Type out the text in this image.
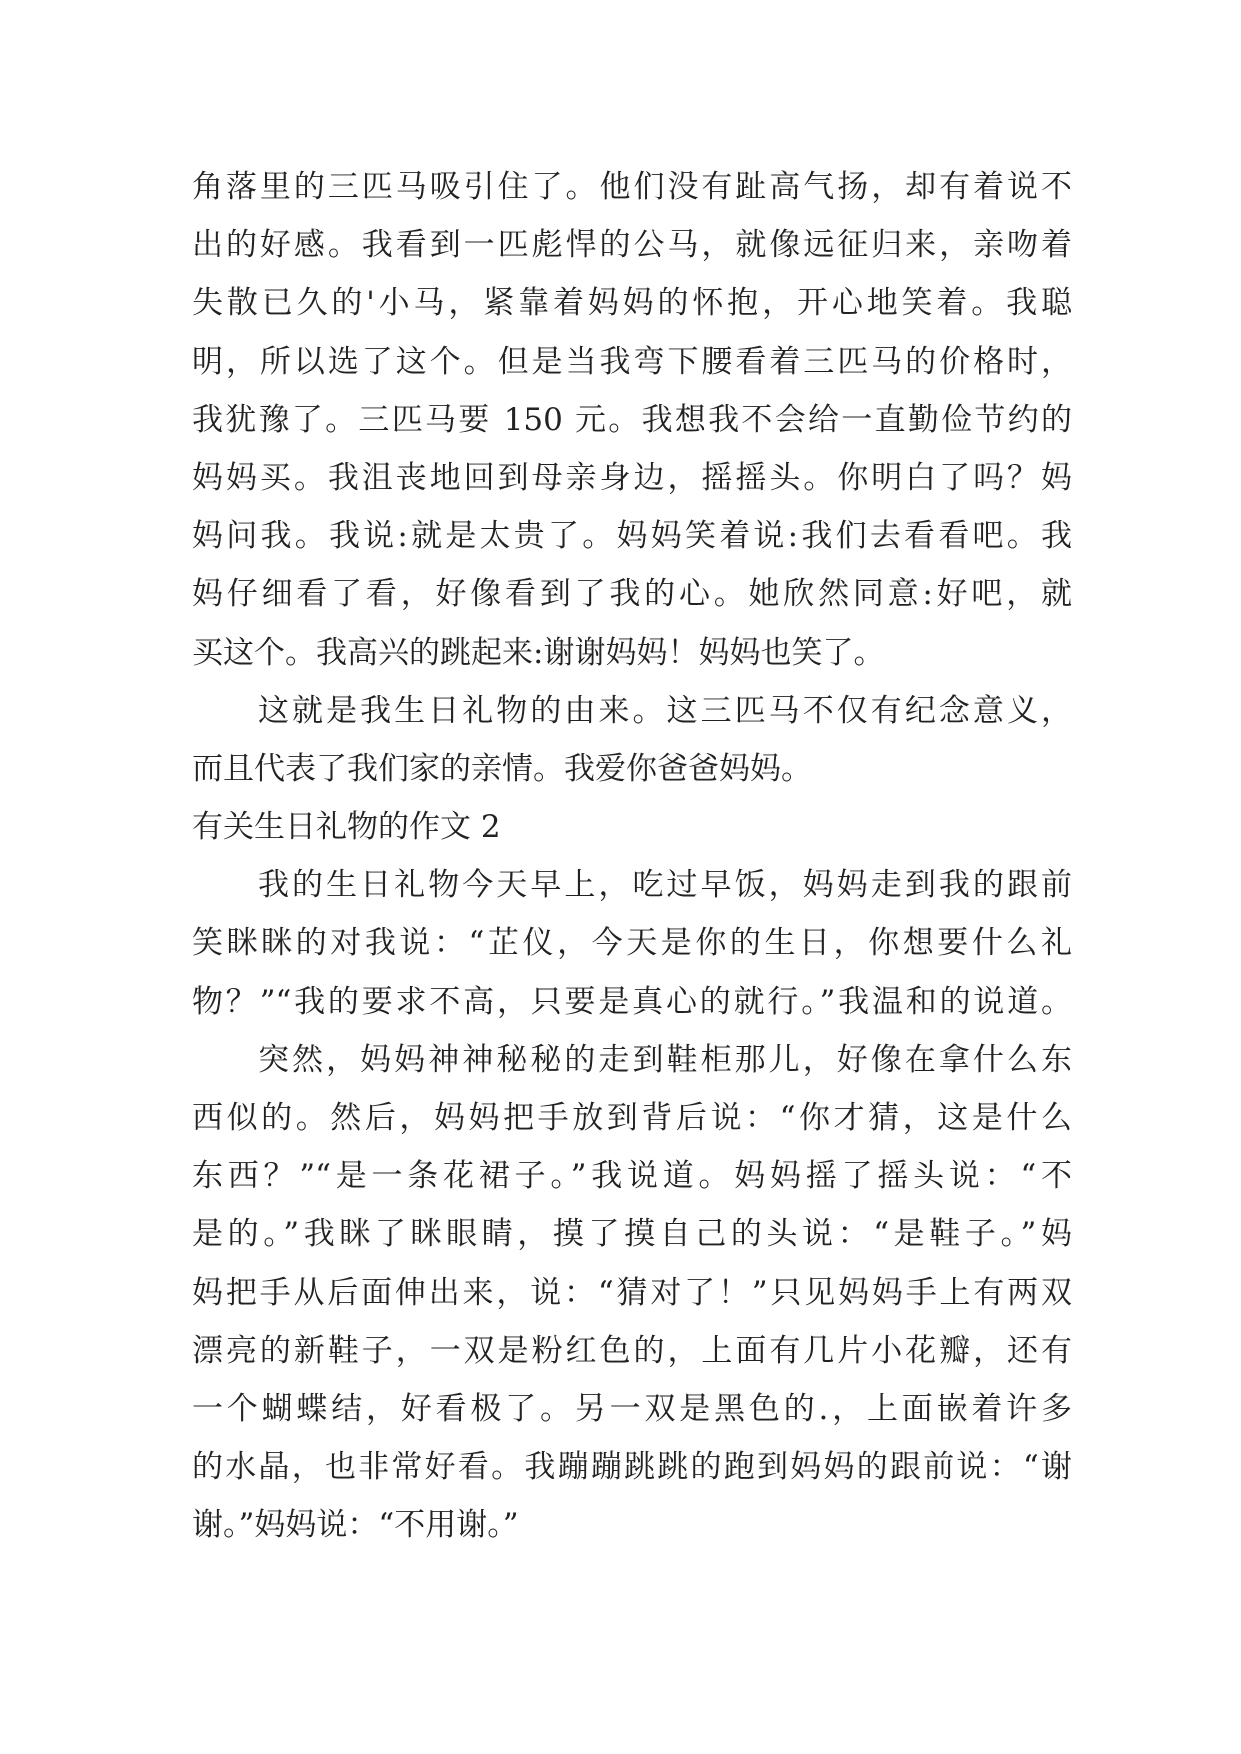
角落里的三匹马吸引住了。他们没有趾高气扬，却有着说不
出的好感。我看到一匹彪悍的公马，就像远征归来，亲吻着
失散已久的'小马，紧靠着妈妈的怀抱，开心地笑着。我聪
明，所以选了这个。但是当我弯下腰看着三匹马的价格时，
我犹豫了。三匹马要 150 元。我想我不会给一直勤俭节约的
妈妈买。我沮丧地回到母亲身边，摇摇头。你明白了吗？妈
妈问我。我说:就是太贵了。妈妈笑着说:我们去看看吧。我
妈仔细看了看，好像看到了我的心。她欣然同意:好吧，就
买这个。我高兴的跳起来:谢谢妈妈！妈妈也笑了。
这就是我生日礼物的由来。这三匹马不仅有纪念意义，
而且代表了我们家的亲情。我爱你爸爸妈妈。
有关生日礼物的作文 2
我的生日礼物今天早上，吃过早饭，妈妈走到我的跟前
笑眯眯的对我说：“芷仪，今天是你的生日，你想要什么礼
物？”“我的要求不高，只要是真心的就行。”我温和的说道。
突然，妈妈神神秘秘的走到鞋柜那儿，好像在拿什么东
西似的。然后，妈妈把手放到背后说：“你才猜，这是什么
东西？”“是一条花裙子。”我说道。妈妈摇了摇头说：“不
是的。”我眯了眯眼睛，摸了摸自己的头说：“是鞋子。”妈
妈把手从后面伸出来，说：“猜对了！”只见妈妈手上有两双
漂亮的新鞋子，一双是粉红色的，上面有几片小花瓣，还有
一个蝴蝶结，好看极了。另一双是黑色的.，上面嵌着许多
的水晶，也非常好看。我蹦蹦跳跳的跑到妈妈的跟前说：“谢
谢。”妈妈说：“不用谢。”
